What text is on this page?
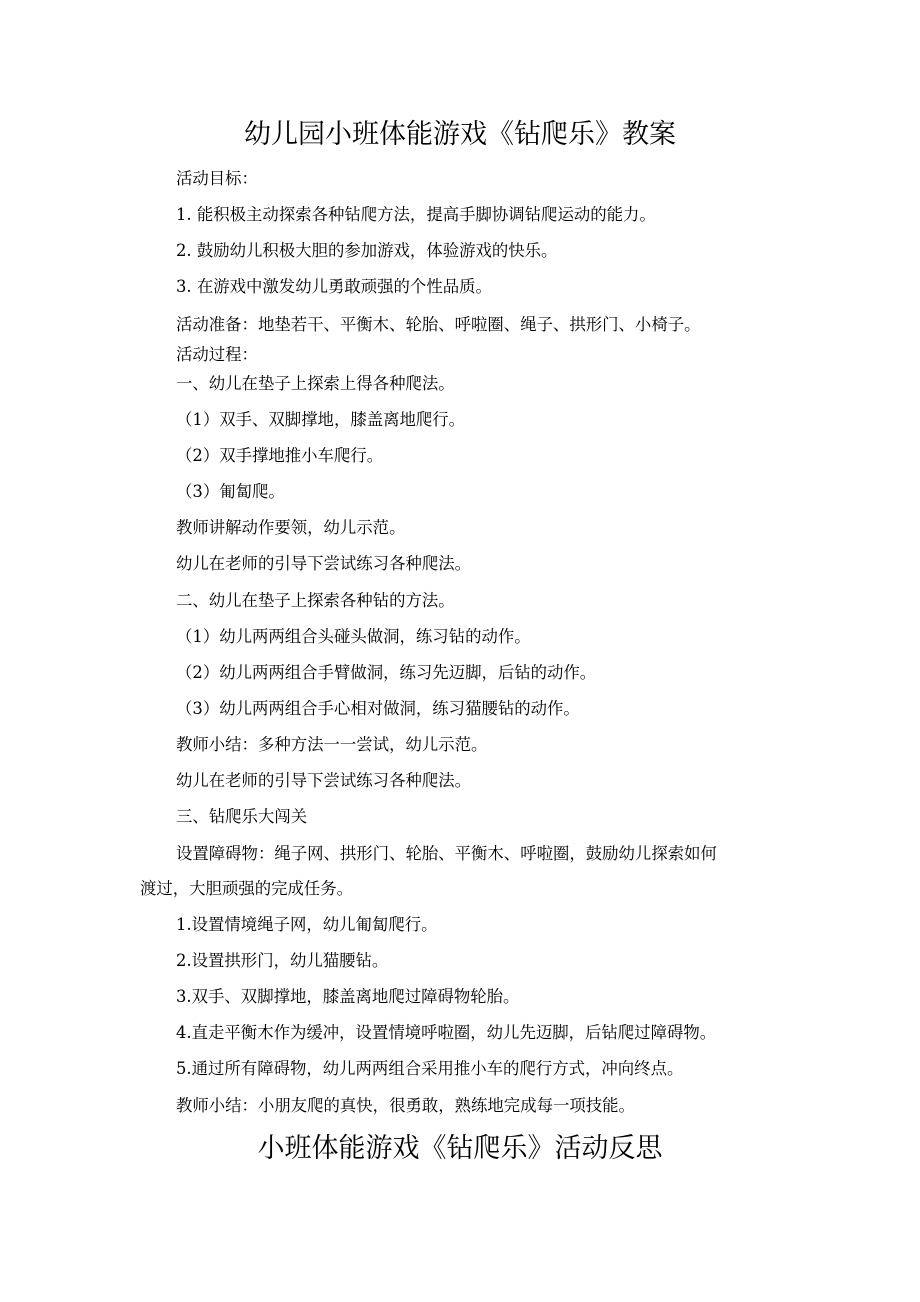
幼儿园小班体能游戏《钻爬乐》教案

活动目标：

1. 能积极主动探索各种钻爬方法，提高手脚协调钻爬运动的能力。

2. 鼓励幼儿积极大胆的参加游戏，体验游戏的快乐。

3. 在游戏中激发幼儿勇敢顽强的个性品质。

活动准备：地垫若干、平衡木、轮胎、呼啦圈、绳子、拱形门、小椅子。

活动过程：

一、幼儿在垫子上探索上得各种爬法。

（1）双手、双脚撑地，膝盖离地爬行。

（2）双手撑地推小车爬行。

（3）匍匐爬。

教师讲解动作要领，幼儿示范。

幼儿在老师的引导下尝试练习各种爬法。

二、幼儿在垫子上探索各种钻的方法。

（1）幼儿两两组合头碰头做洞，练习钻的动作。

（2）幼儿两两组合手臂做洞，练习先迈脚，后钻的动作。

（3）幼儿两两组合手心相对做洞，练习猫腰钻的动作。

教师小结：多种方法一一尝试，幼儿示范。

幼儿在老师的引导下尝试练习各种爬法。

三、钻爬乐大闯关

设置障碍物：绳子网、拱形门、轮胎、平衡木、呼啦圈，鼓励幼儿探索如何

渡过，大胆顽强的完成任务。

1.设置情境绳子网，幼儿匍匐爬行。

2.设置拱形门，幼儿猫腰钻。

3.双手、双脚撑地，膝盖离地爬过障碍物轮胎。

4.直走平衡木作为缓冲，设置情境呼啦圈，幼儿先迈脚，后钻爬过障碍物。

5.通过所有障碍物，幼儿两两组合采用推小车的爬行方式，冲向终点。

教师小结：小朋友爬的真快，很勇敢，熟练地完成每一项技能。

小班体能游戏《钻爬乐》活动反思
